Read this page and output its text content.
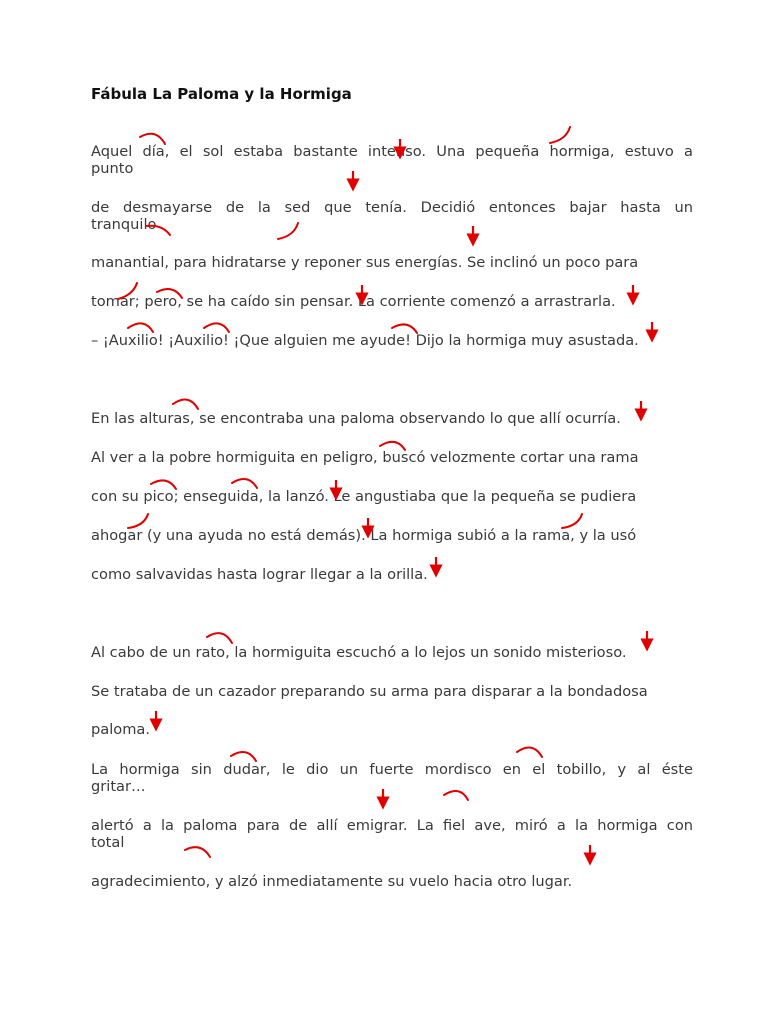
Fábula La Paloma y la Hormiga
Aquel día, el sol estaba bastante intenso. Una pequeña hormiga, estuvo a
punto
de desmayarse de la sed que tenía. Decidió entonces bajar hasta un
tranquilo
manantial, para hidratarse y reponer sus energías. Se inclinó un poco para
tomar; pero, se ha caído sin pensar. La corriente comenzó a arrastrarla.
– ¡Auxilio! ¡Auxilio! ¡Que alguien me ayude! Dijo la hormiga muy asustada.
En las alturas, se encontraba una paloma observando lo que allí ocurría.
Al ver a la pobre hormiguita en peligro, buscó velozmente cortar una rama
con su pico; enseguida, la lanzó. Le angustiaba que la pequeña se pudiera
ahogar (y una ayuda no está demás). La hormiga subió a la rama, y la usó
como salvavidas hasta lograr llegar a la orilla.
Al cabo de un rato, la hormiguita escuchó a lo lejos un sonido misterioso.
Se trataba de un cazador preparando su arma para disparar a la bondadosa
paloma.
La hormiga sin dudar, le dio un fuerte mordisco en el tobillo, y al éste
gritar…
alertó a la paloma para de allí emigrar. La fiel ave, miró a la hormiga con
total
agradecimiento, y alzó inmediatamente su vuelo hacia otro lugar.
